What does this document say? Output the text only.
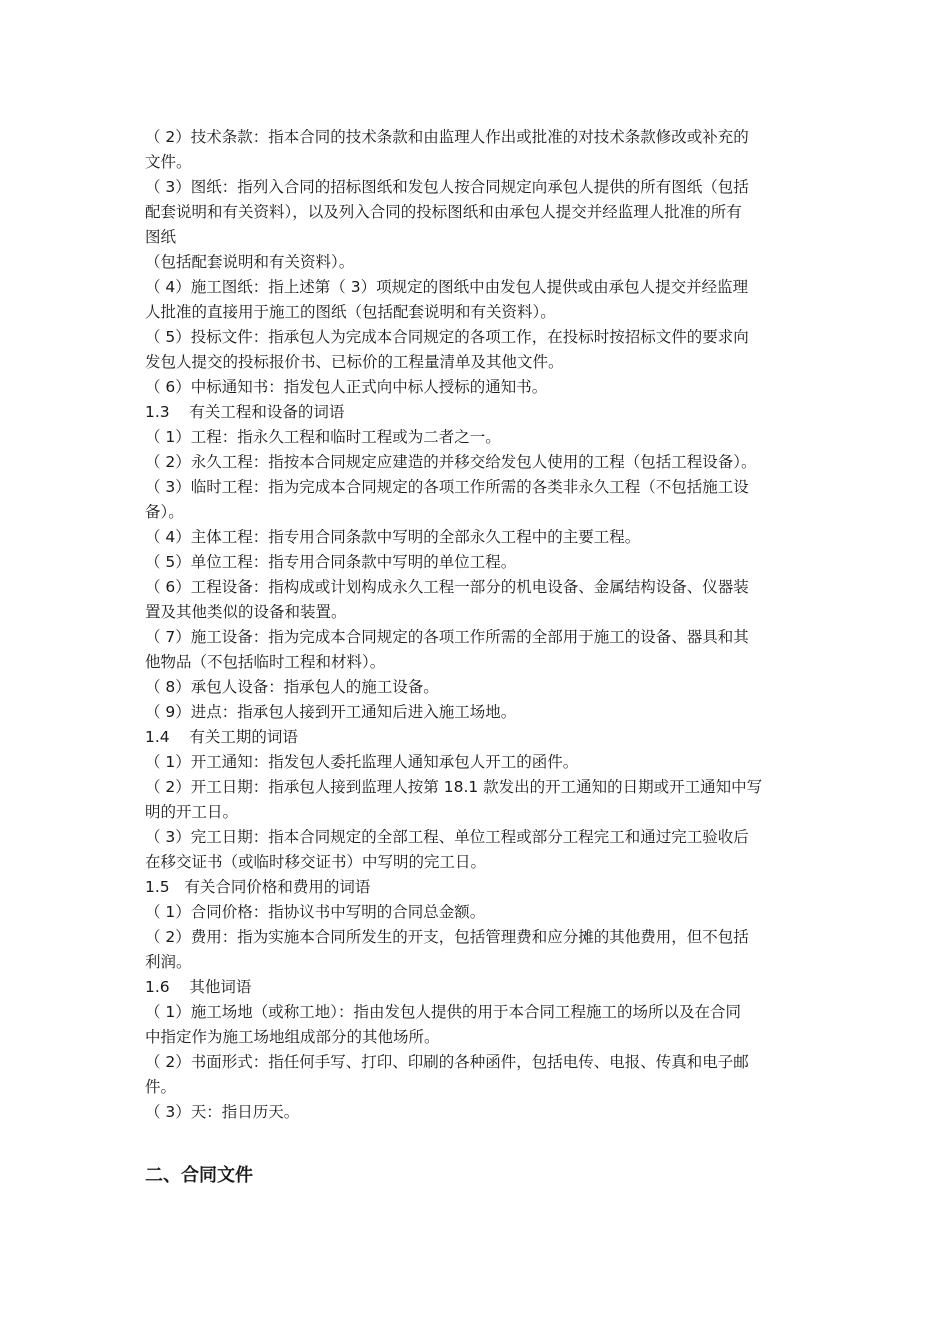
（ 2）技术条款：指本合同的技术条款和由监理人作出或批准的对技术条款修改或补充的

文件。

（ 3）图纸：指列入合同的招标图纸和发包人按合同规定向承包人提供的所有图纸（包括

配套说明和有关资料），以及列入合同的投标图纸和由承包人提交并经监理人批准的所有

图纸

（包括配套说明和有关资料）。

（ 4）施工图纸：指上述第（ 3）项规定的图纸中由发包人提供或由承包人提交并经监理

人批准的直接用于施工的图纸（包括配套说明和有关资料）。

（ 5）投标文件：指承包人为完成本合同规定的各项工作，在投标时按招标文件的要求向

发包人提交的投标报价书、已标价的工程量清单及其他文件。

（ 6）中标通知书：指发包人正式向中标人授标的通知书。

1.3    有关工程和设备的词语

（ 1）工程：指永久工程和临时工程或为二者之一。

（ 2）永久工程：指按本合同规定应建造的并移交给发包人使用的工程（包括工程设备）。

（ 3）临时工程：指为完成本合同规定的各项工作所需的各类非永久工程（不包括施工设

备）。

（ 4）主体工程：指专用合同条款中写明的全部永久工程中的主要工程。

（ 5）单位工程：指专用合同条款中写明的单位工程。

（ 6）工程设备：指构成或计划构成永久工程一部分的机电设备、金属结构设备、仪器装

置及其他类似的设备和装置。

（ 7）施工设备：指为完成本合同规定的各项工作所需的全部用于施工的设备、器具和其

他物品（不包括临时工程和材料）。

（ 8）承包人设备：指承包人的施工设备。

（ 9）进点：指承包人接到开工通知后进入施工场地。

1.4    有关工期的词语

（ 1）开工通知：指发包人委托监理人通知承包人开工的函件。

（ 2）开工日期：指承包人接到监理人按第 18.1 款发出的开工通知的日期或开工通知中写

明的开工日。

（ 3）完工日期：指本合同规定的全部工程、单位工程或部分工程完工和通过完工验收后

在移交证书（或临时移交证书）中写明的完工日。

1.5   有关合同价格和费用的词语

（ 1）合同价格：指协议书中写明的合同总金额。

（ 2）费用：指为实施本合同所发生的开支，包括管理费和应分摊的其他费用，但不包括

利润。

1.6    其他词语

（ 1）施工场地（或称工地）：指由发包人提供的用于本合同工程施工的场所以及在合同

中指定作为施工场地组成部分的其他场所。

（ 2）书面形式：指任何手写、打印、印刷的各种函件，包括电传、电报、传真和电子邮

件。

（ 3）天：指日历天。

二、合同文件
